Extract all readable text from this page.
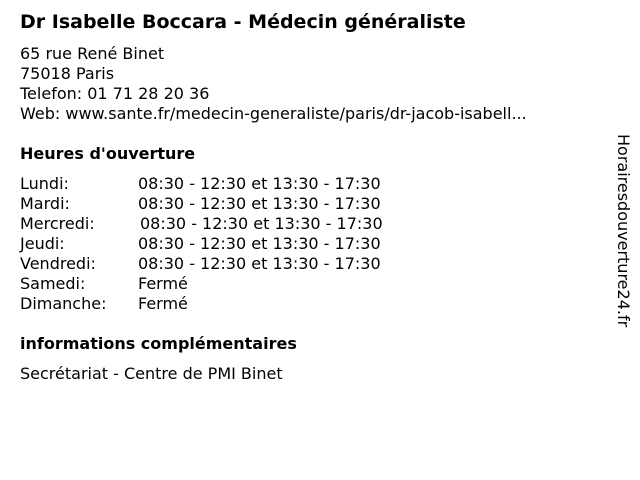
Dr Isabelle Boccara - Médecin généraliste
65 rue René Binet
75018 Paris
Telefon: 01 71 28 20 36
Web: www.sante.fr/medecin-generaliste/paris/dr-jacob-isabell...
Heures d'ouverture
Lundi:	08:30 - 12:30 et 13:30 - 17:30
Mardi:	08:30 - 12:30 et 13:30 - 17:30
Mercredi:	08:30 - 12:30 et 13:30 - 17:30
Jeudi:	08:30 - 12:30 et 13:30 - 17:30
Vendredi:	08:30 - 12:30 et 13:30 - 17:30
Samedi:	Fermé
Dimanche: Fermé
informations complémentaires
Secrétariat - Centre de PMI Binet
Horairesdouverture24.fr
